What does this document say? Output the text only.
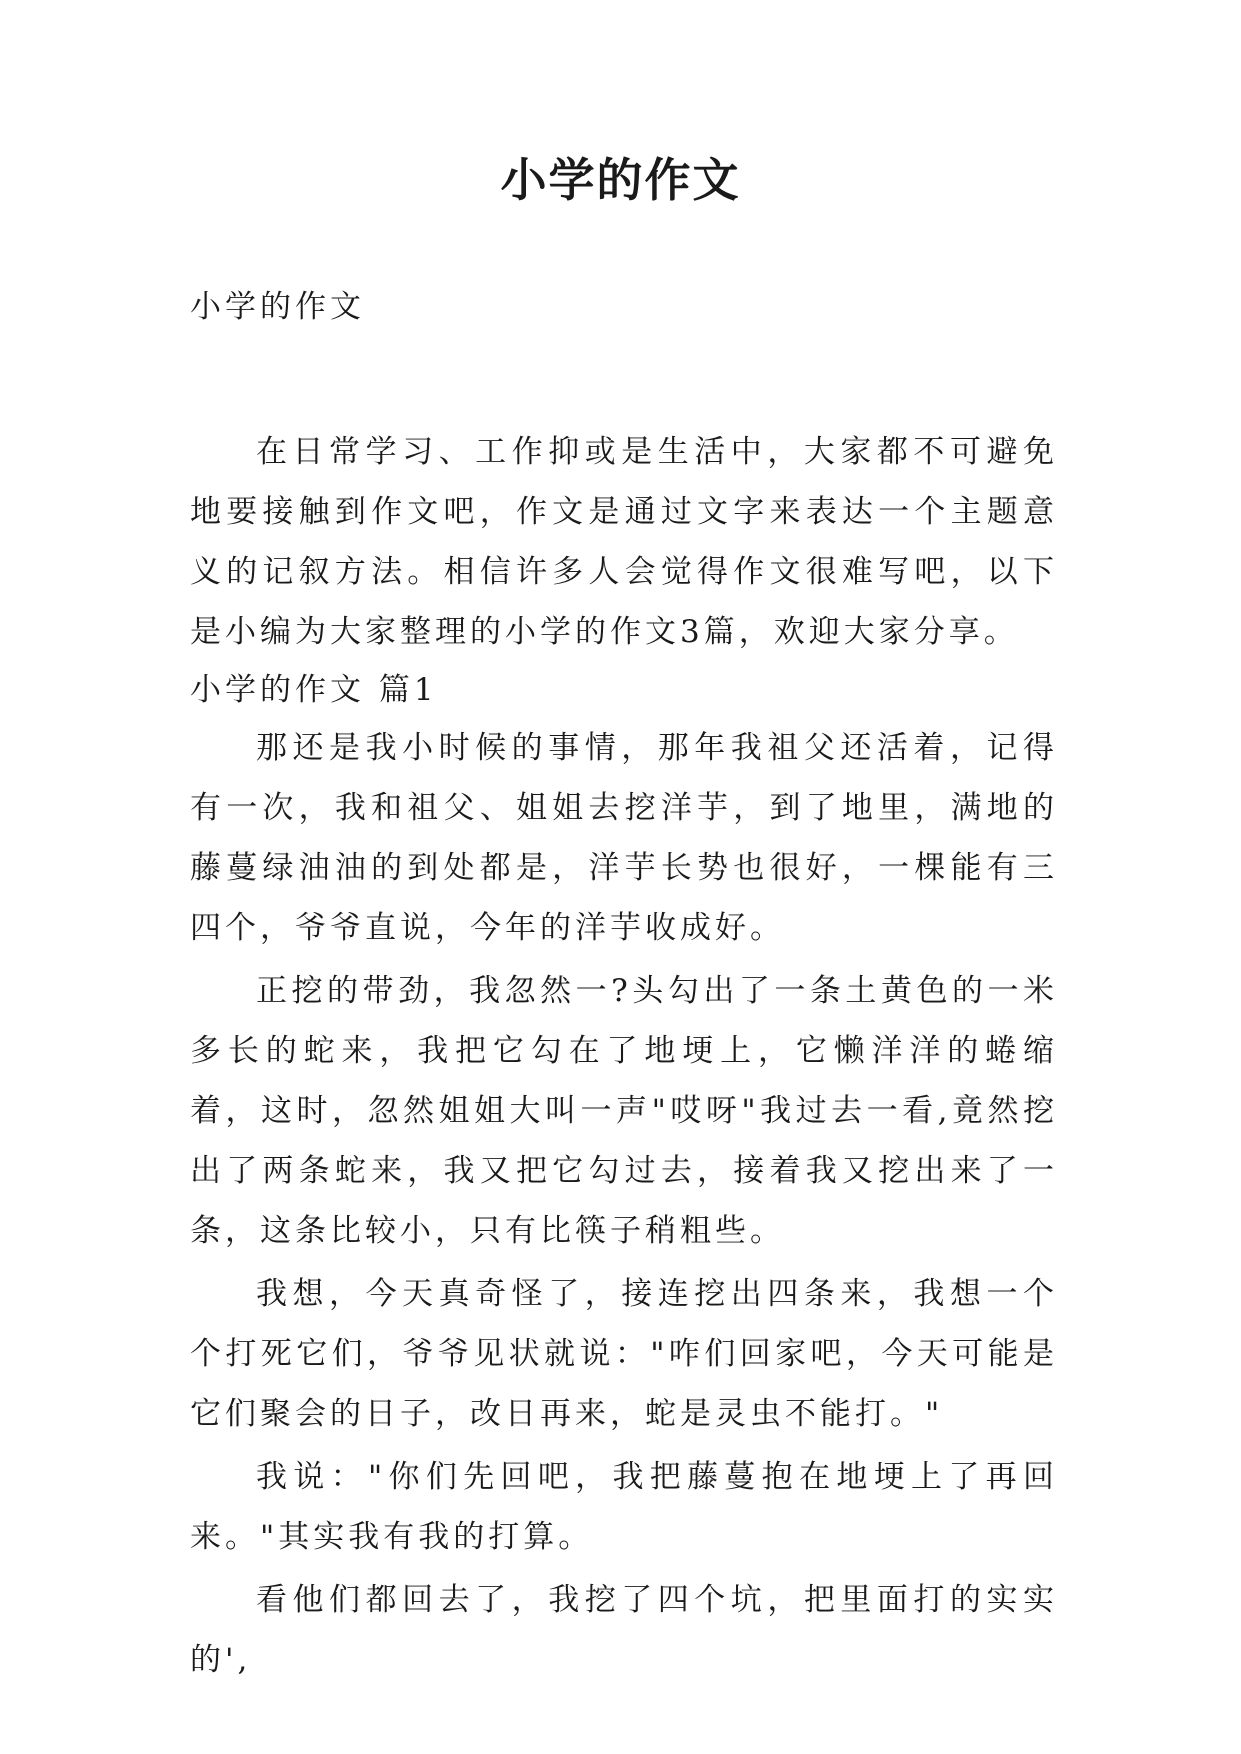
小学的作文

小学的作文

在日常学习、工作抑或是生活中，大家都不可避免地要接触到作文吧，作文是通过文字来表达一个主题意义的记叙方法。相信许多人会觉得作文很难写吧，以下是小编为大家整理的小学的作文3篇，欢迎大家分享。

小学的作文 篇1

那还是我小时候的事情，那年我祖父还活着，记得有一次，我和祖父、姐姐去挖洋芋，到了地里，满地的藤蔓绿油油的到处都是，洋芋长势也很好，一棵能有三四个，爷爷直说，今年的洋芋收成好。

正挖的带劲，我忽然一?头勾出了一条土黄色的一米多长的蛇来，我把它勾在了地埂上，它懒洋洋的蜷缩着，这时，忽然姐姐大叫一声"哎呀"我过去一看,竟然挖出了两条蛇来，我又把它勾过去，接着我又挖出来了一条，这条比较小，只有比筷子稍粗些。

我想，今天真奇怪了，接连挖出四条来，我想一个个打死它们，爷爷见状就说："咋们回家吧，今天可能是它们聚会的日子，改日再来，蛇是灵虫不能打。"

我说："你们先回吧，我把藤蔓抱在地埂上了再回来。"其实我有我的打算。

看他们都回去了，我挖了四个坑，把里面打的实实的',
